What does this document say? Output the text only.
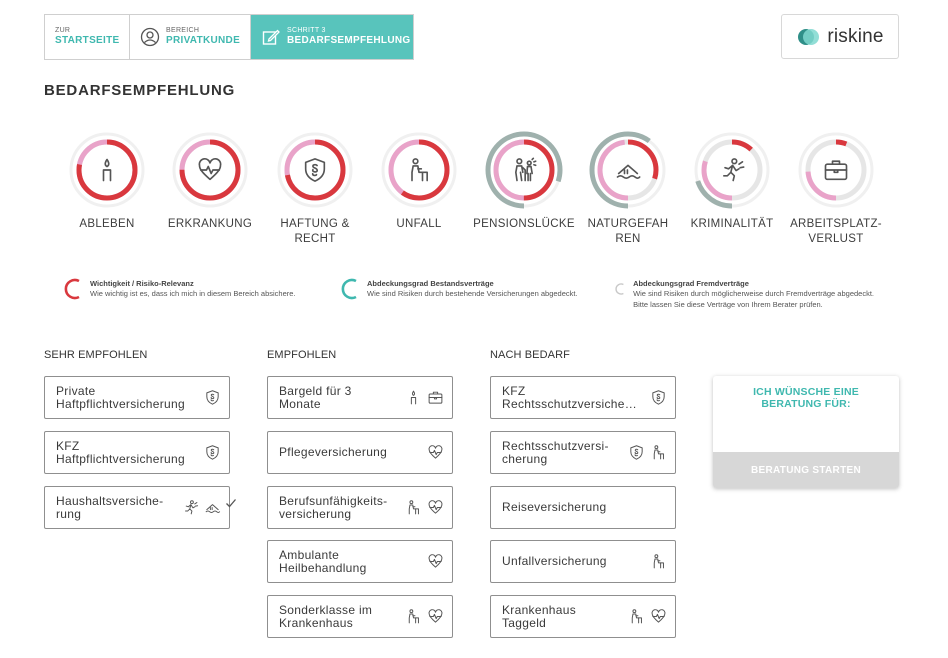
ZUR
STARTSEITE
BEREICH
PRIVATKUNDE
SCHRITT 3
BEDARFSEMPFEHLUNG	riskine
BEDARFSEMPFEHLUNG
ABLEBEN	ERKRANKUNG	HAFTUNG & RECHT
UNFALL	PENSIONSLÜCKE NATURGEFAHREN
KRIMINALITÄT	ARBEITSPLATZ-VERLUST
Wichtigkeit / Risiko-Relevanz
Wie wichtig ist es, dass ich mich in diesem Bereich absichere.
Abdeckungsgrad Bestandsverträge
Wie sind Risiken durch bestehende Versicherungen abgedeckt.
Abdeckungsgrad Fremdverträge
Wie sind Risiken durch möglicherweise durch Fremdverträge abgedeckt. Bitte lassen Sie diese Verträge von Ihrem Berater prüfen.
SEHR EMPFOHLEN	EMPFOHLEN	NACH BEDARF
Private
Haftpflichtversicherung
KFZ
Haftpflichtversicherung
Haushaltsversiche-
rung
Bargeld für 3
Monate
Pflegeversicherung
Berufsunfähigkeits-
versicherung
Ambulante
Heilbehandlung
Sonderklasse im
Krankenhaus
KFZ
Rechtsschutzversiche…
Rechtsschutzversi-
cherung
Reiseversicherung
Unfallversicherung
Krankenhaus
Taggeld
ICH WÜNSCHE EINE BERATUNG FÜR:
BERATUNG STARTEN
